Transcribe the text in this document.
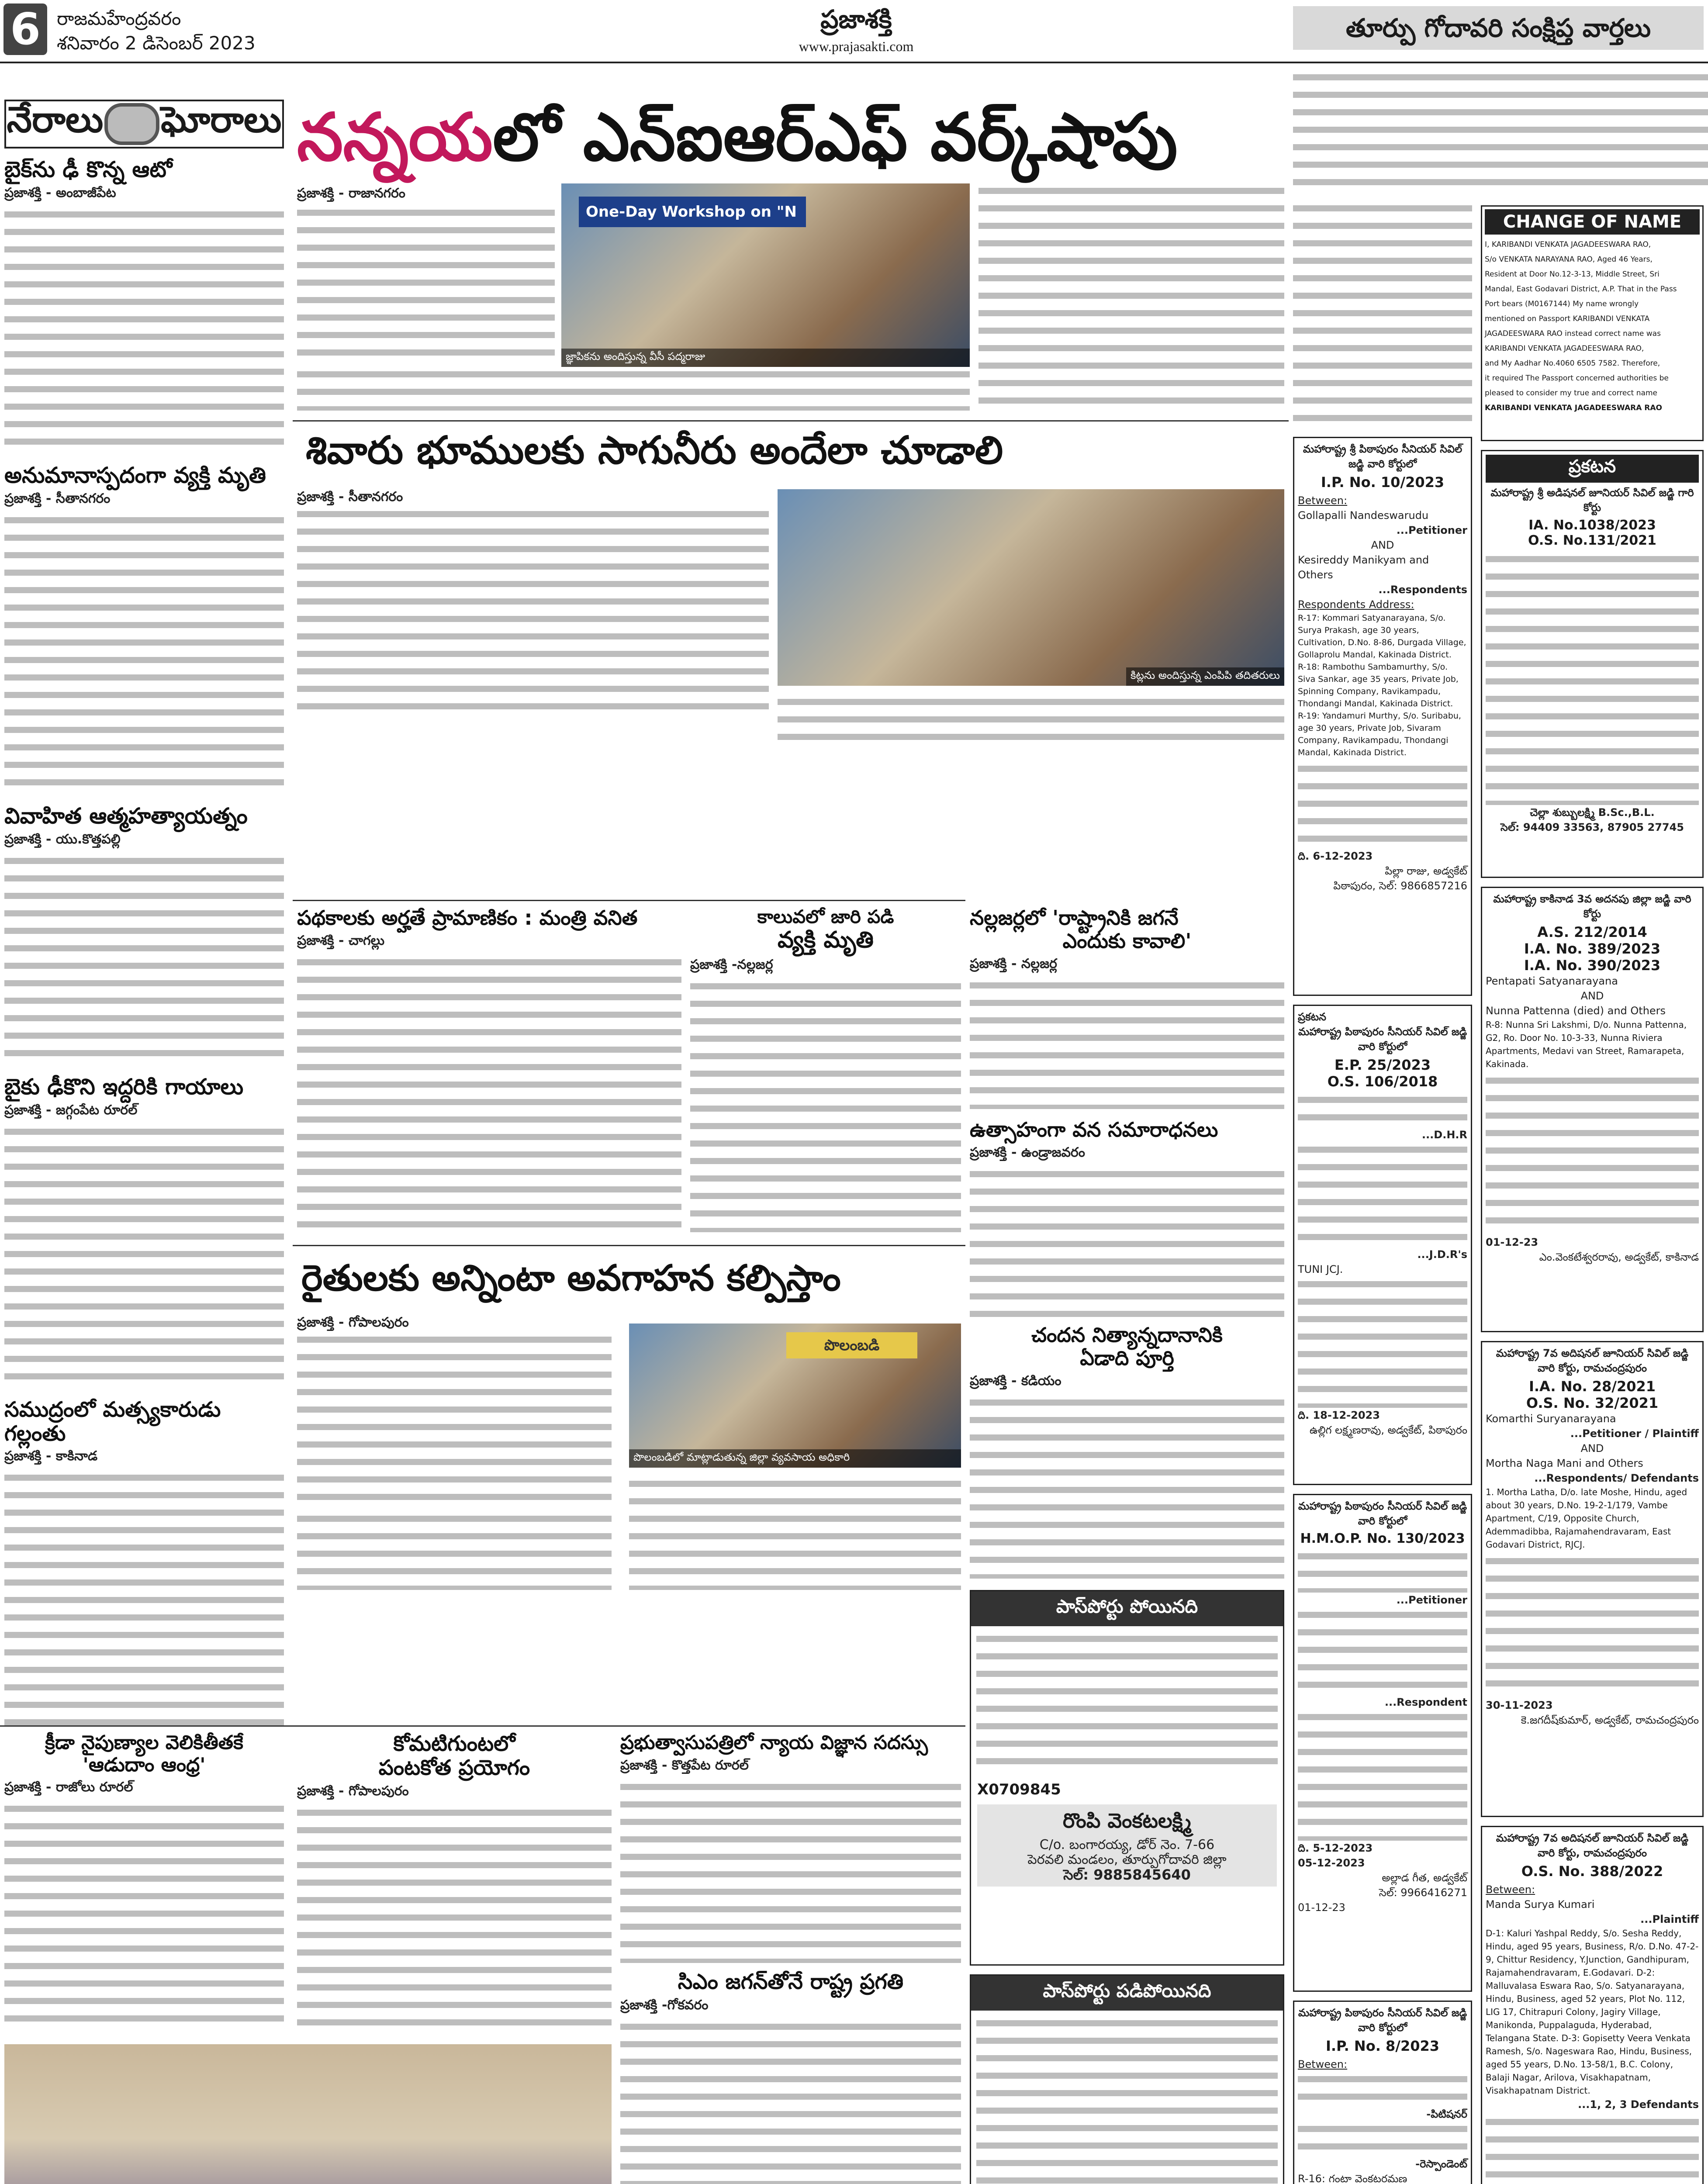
6 రాజమహేంద్రవరం
శనివారం 2 డిసెంబర్ 2023
ప్రజాశక్తి
www.prajasakti.com
తూర్పు గోదావరి సంక్షిప్త వార్తలు
నేరాలు ఘోరాలు నన్నయలో ఎన్ఐఆర్ఎఫ్ వర్క్‌షాపు
ప్రజాశక్తి - రాజానగరం
One-Day Workshop on "N
జ్ఞాపికను అందిస్తున్న వీసీ పద్మరాజు
బైక్‌ను ఢీ కొన్న ఆటో
ప్రజాశక్తి - అంబాజీపేట
అనుమానాస్పదంగా వ్యక్తి మృతి
ప్రజాశక్తి - సీతానగరం
వివాహిత ఆత్మహత్యాయత్నం
ప్రజాశక్తి - యు.కొత్తపల్లి
బైకు ఢీకొని ఇద్దరికి గాయాలు
ప్రజాశక్తి - జగ్గంపేట రూరల్
సముద్రంలో మత్స్యకారుడు గల్లంతు
ప్రజాశక్తి - కాకినాడ
శివారు భూములకు సాగునీరు అందేలా చూడాలి
ప్రజాశక్తి - సీతానగరం
కిట్లను అందిస్తున్న ఎంపిపి తదితరులు
పథకాలకు అర్హతే ప్రామాణికం : మంత్రి వనిత
ప్రజాశక్తి - చాగల్లు
కాలువలో జారి పడి
వ్యక్తి మృతి
ప్రజాశక్తి -నల్లజర్ల
నల్లజర్లలో 'రాష్ట్రానికి జగనే
ఎందుకు కావాలి'
ప్రజాశక్తి - నల్లజర్ల
ఉత్సాహంగా వన సమారాధనలు
ప్రజాశక్తి - ఉండ్రాజవరం
చందన నిత్యాన్నదానానికి
ఏడాది పూర్తి
ప్రజాశక్తి - కడియం
రైతులకు అన్నింటా అవగాహన కల్పిస్తాం
ప్రజాశక్తి - గోపాలపురం
పొలంబడి
పొలంబడిలో మాట్లాడుతున్న జిల్లా వ్యవసాయ అధికారి
క్రీడా నైపుణ్యాల వెలికితీతకే
'ఆడుదాం ఆంధ్ర'
ప్రజాశక్తి - రాజోలు రూరల్
కోమటిగుంటలో
పంటకోత ప్రయోగం
ప్రజాశక్తి - గోపాలపురం
ప్రభుత్వాసుపత్రిలో న్యాయ విజ్ఞాన సదస్సు
ప్రజాశక్తి - కొత్తపేట రూరల్
సిఎం జగన్‌తోనే రాష్ట్ర ప్రగతి
ప్రజాశక్తి -గోకవరం
పాస్‌పోర్టు పోయినది
X0709845
రొంపి వెంకటలక్ష్మి
C/o. బంగారయ్య, డోర్ నెం. 7-66
పెరవలి మండలం, తూర్పుగోదావరి జిల్లా
సెల్: 9885845640
పాస్‌పోర్టు పడిపోయినది
CHANGE OF NAME
I, KARIBANDI VENKATA JAGADEESWARA RAO,
S/o VENKATA NARAYANA RAO, Aged 46 Years,
Resident at Door No.12-3-13, Middle Street, Sri
Mandal, East Godavari District, A.P. That in the Pass
Port bears (M0167144) My name wrongly
mentioned on Passport KARIBANDI VENKATA
JAGADEESWARA RAO instead correct name was
KARIBANDI VENKATA JAGADEESWARA RAO,
and My Aadhar No.4060 6505 7582. Therefore,
it required The Passport concerned authorities be
pleased to consider my true and correct name
KARIBANDI VENKATA JAGADEESWARA RAO
ప్రకటన
మహారాష్ట్ర శ్రీ అడిషనల్ జూనియర్ సివిల్ జడ్జి గారి కోర్టు
IA. No.1038/2023
O.S. No.131/2021
చెల్లా శుబ్బులక్ష్మి B.Sc.,B.L.
సెల్: 94409 33563, 87905 27745
మహారాష్ట్ర శ్రీ పిఠాపురం సీనియర్ సివిల్ జడ్జి వారి కోర్టులో
I.P. No. 10/2023
Between:
Gollapalli Nandeswarudu
...Petitioner
AND
Kesireddy Manikyam and Others
...Respondents
Respondents Address:
R-17: Kommari Satyanarayana, S/o. Surya Prakash, age 30 years, Cultivation, D.No. 8-86, Durgada Village, Gollaprolu Mandal, Kakinada District.
R-18: Rambothu Sambamurthy, S/o. Siva Sankar, age 35 years, Private Job, Spinning Company, Ravikampadu, Thondangi Mandal, Kakinada District.
R-19: Yandamuri Murthy, S/o. Suribabu, age 30 years, Private Job, Sivaram Company, Ravikampadu, Thondangi Mandal, Kakinada District.
ది. 6-12-2023
పిల్లా రాజు, అడ్వకేట్
పిఠాపురం, సెల్: 9866857216
ప్రకటన
మహారాష్ట్ర పిఠాపురం సీనియర్ సివిల్ జడ్జి వారి కోర్టులో
E.P. 25/2023
O.S. 106/2018
...D.H.R
...J.D.R's
TUNI JCJ.
ది. 18-12-2023
ఉల్లిగ లక్ష్మణరావు, అడ్వకేట్, పిఠాపురం
మహారాష్ట్ర పిఠాపురం సీనియర్ సివిల్ జడ్జి వారి కోర్టులో
H.M.O.P. No. 130/2023
...Petitioner
...Respondent
ది. 5-12-2023
05-12-2023
అల్లాడ గీత, అడ్వకేట్
సెల్: 9966416271
01-12-23
మహారాష్ట్ర పిఠాపురం సీనియర్ సివిల్ జడ్జి వారి కోర్టులో
I.P. No. 8/2023
Between:
-పిటిషనర్
-రెస్పాండెంట్
R-16: గంటా వెంకటరమణ
మహారాష్ట్ర కాకినాడ 3వ అదనపు జిల్లా జడ్జి వారి కోర్టు
A.S. 212/2014
I.A. No. 389/2023
I.A. No. 390/2023
Pentapati Satyanarayana
AND
Nunna Pattenna (died) and Others
R-8: Nunna Sri Lakshmi, D/o. Nunna Pattenna, G2, Ro. Door No. 10-3-33, Nunna Riviera Apartments, Medavi van Street, Ramarapeta, Kakinada.
01-12-23
ఎం.వెంకటేశ్వరరావు, అడ్వకేట్, కాకినాడ
మహారాష్ట్ర 7వ అదిషనల్ జూనియర్ సివిల్ జడ్జి వారి కోర్టు, రామచంద్రపురం
I.A. No. 28/2021
O.S. No. 32/2021
Komarthi Suryanarayana
...Petitioner / Plaintiff
AND
Mortha Naga Mani and Others
...Respondents/ Defendants
1. Mortha Latha, D/o. late Moshe, Hindu, aged about 30 years, D.No. 19-2-1/179, Vambe Apartment, C/19, Opposite Church, Ademmadibba, Rajamahendravaram, East Godavari District, RJCJ.
30-11-2023
కె.జగదీష్‌కుమార్, అడ్వకేట్, రామచంద్రపురం
మహారాష్ట్ర 7వ అదిషనల్ జూనియర్ సివిల్ జడ్జి వారి కోర్టు, రామచంద్రపురం
O.S. No. 388/2022
Between:
Manda Surya Kumari
...Plaintiff
D-1: Kaluri Yashpal Reddy, S/o. Sesha Reddy, Hindu, aged 95 years, Business, R/o. D.No. 47-2-9, Chittur Residency, Y.Junction, Gandhipuram, Rajamahendravaram, E.Godavari. D-2: Malluvalasa Eswara Rao, S/o. Satyanarayana, Hindu, Business, aged 52 years, Plot No. 112, LIG 17, Chitrapuri Colony, Jagiry Village, Manikonda, Puppalaguda, Hyderabad, Telangana State. D-3: Gopisetty Veera Venkata Ramesh, S/o. Nageswara Rao, Hindu, Business, aged 55 years, D.No. 13-58/1, B.C. Colony, Balaji Nagar, Arilova, Visakhapatnam, Visakhapatnam District.
...1, 2, 3 Defendants
